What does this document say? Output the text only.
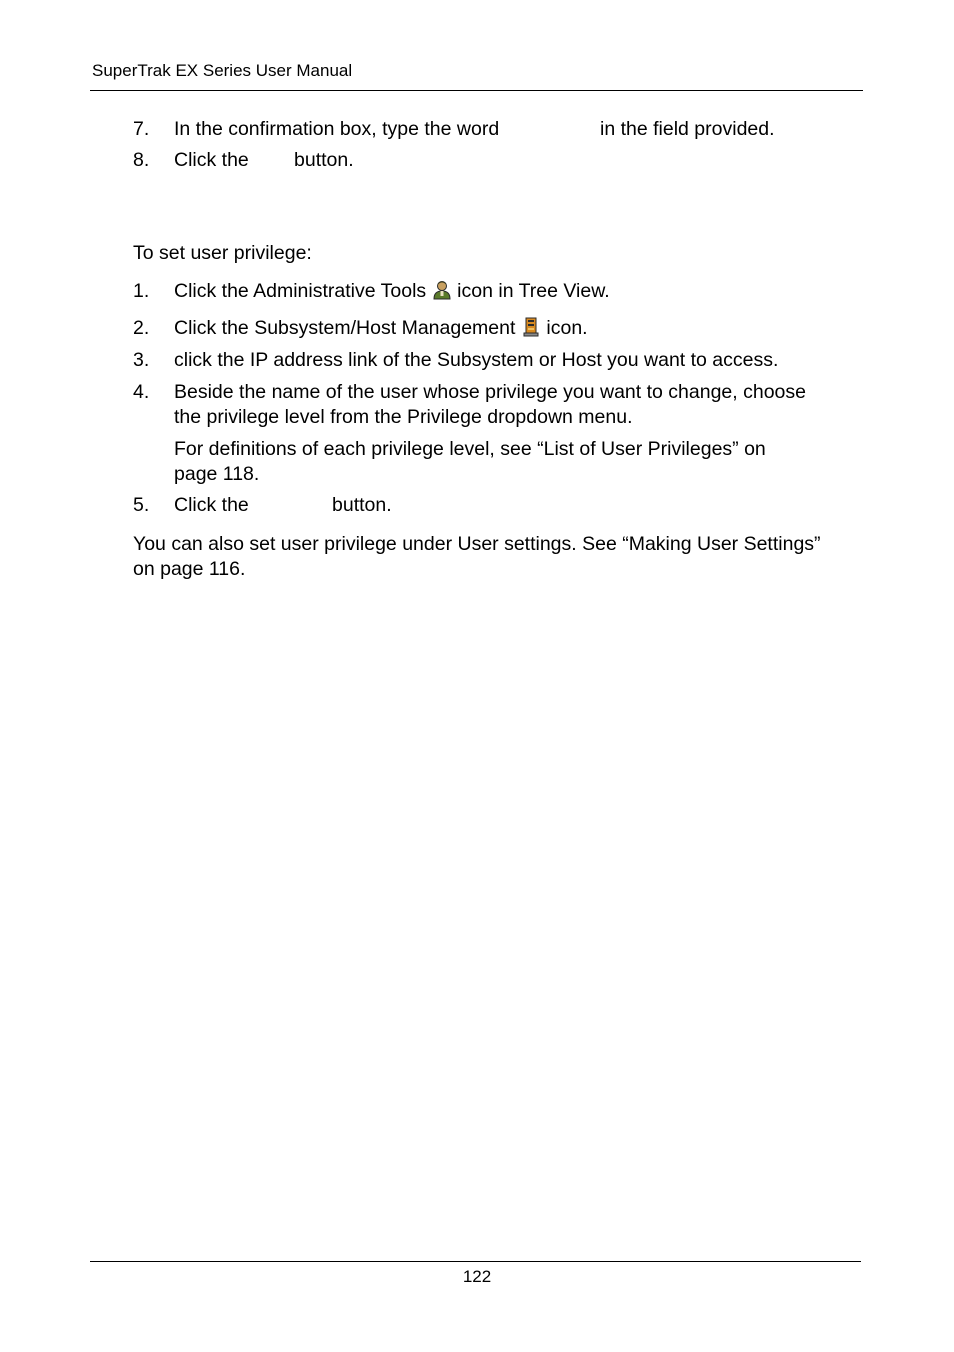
SuperTrak EX Series User Manual
7. In the confirmation box, type the word	in the field provided.
8. Click the button.
To set user privilege:
1. Click the Administrative Tools icon in Tree View.
2. Click the Subsystem/Host Management icon.
3. click the IP address link of the Subsystem or Host you want to access.
4. Beside the name of the user whose privilege you want to change, choose
the privilege level from the Privilege dropdown menu.
For definitions of each privilege level, see “List of User Privileges” on
page 118.
5. Click the	button.
You can also set user privilege under User settings. See “Making User Settings”
on page 116.
122
